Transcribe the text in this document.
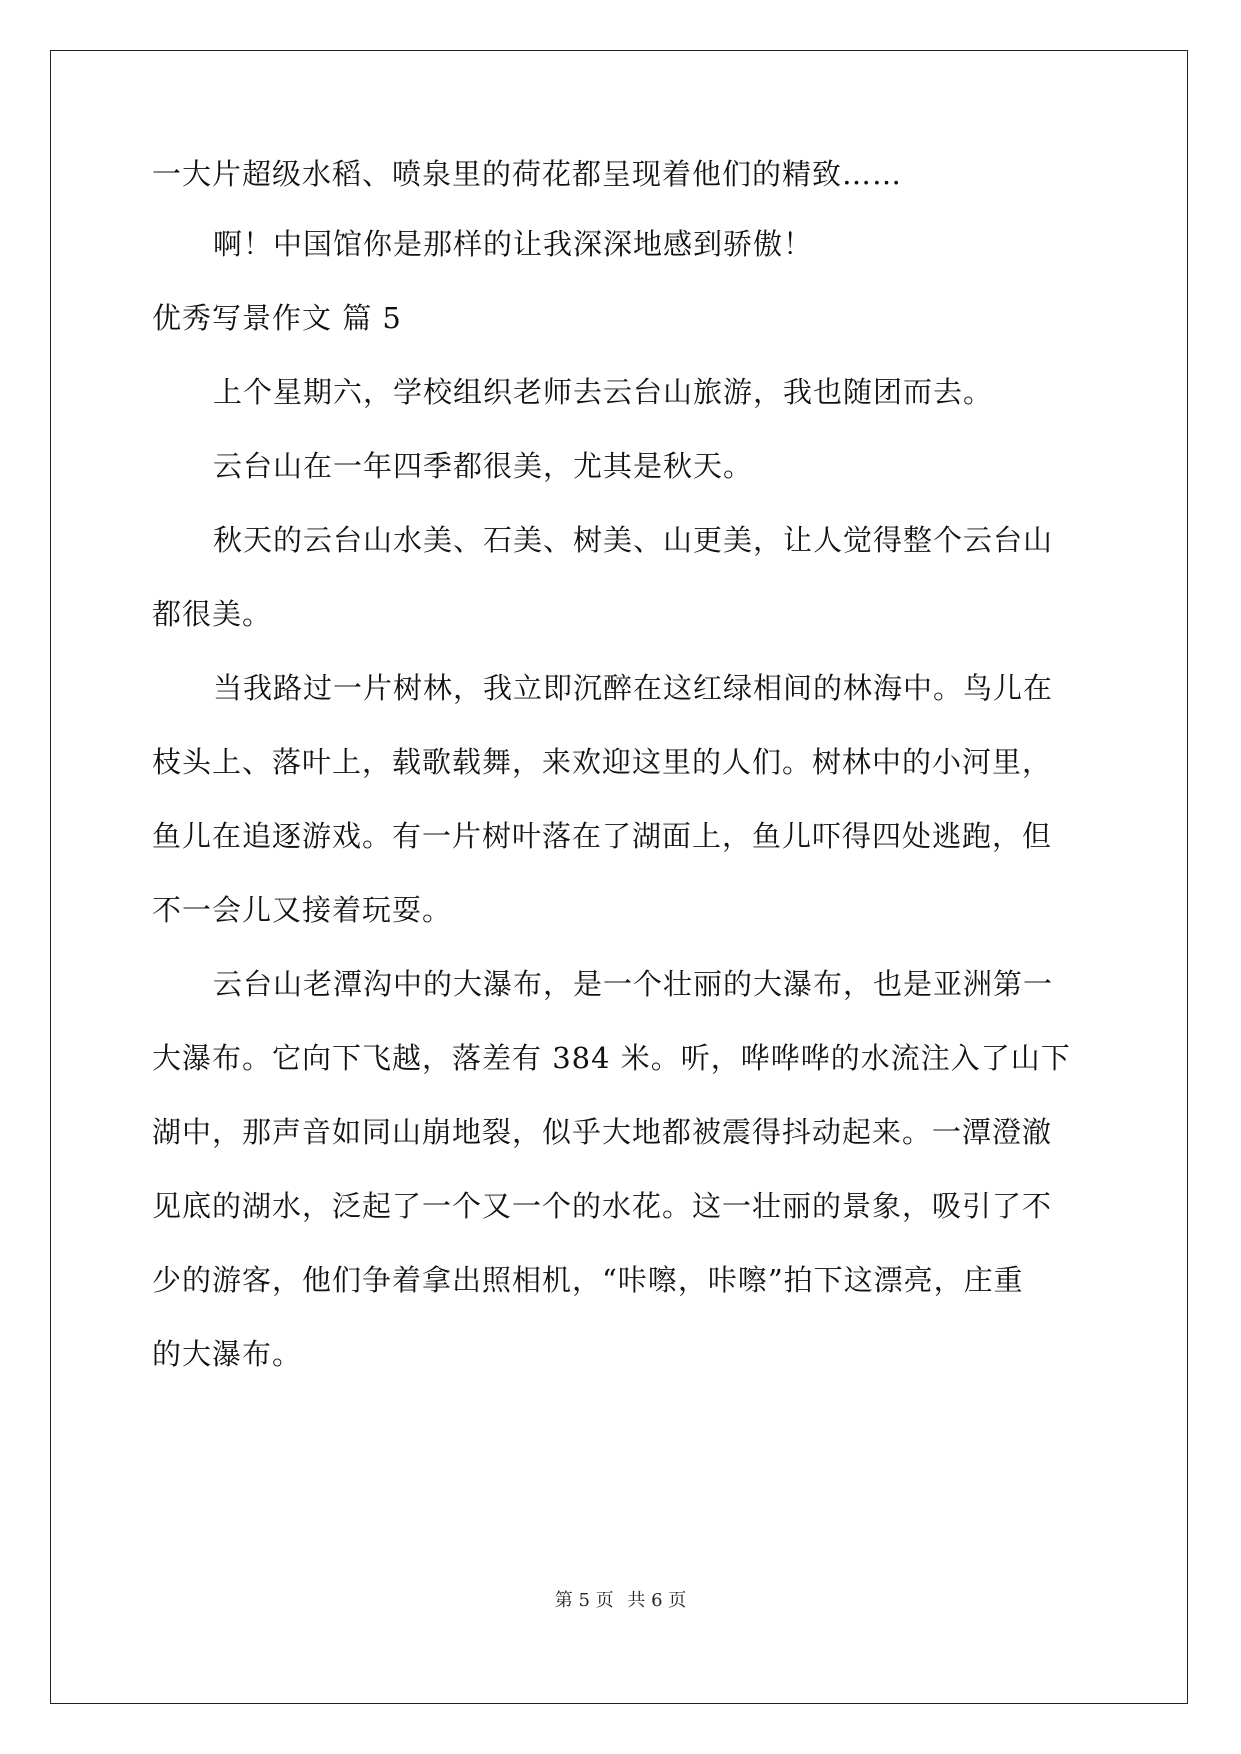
一大片超级水稻、喷泉里的荷花都呈现着他们的精致……
啊！中国馆你是那样的让我深深地感到骄傲！
优秀写景作文 篇 5
上个星期六，学校组织老师去云台山旅游，我也随团而去。
云台山在一年四季都很美，尤其是秋天。
秋天的云台山水美、石美、树美、山更美，让人觉得整个云台山
都很美。
当我路过一片树林，我立即沉醉在这红绿相间的林海中。鸟儿在
枝头上、落叶上，载歌载舞，来欢迎这里的人们。树林中的小河里，
鱼儿在追逐游戏。有一片树叶落在了湖面上，鱼儿吓得四处逃跑，但
不一会儿又接着玩耍。
云台山老潭沟中的大瀑布，是一个壮丽的大瀑布，也是亚洲第一
大瀑布。它向下飞越，落差有 384 米。听，哗哗哗的水流注入了山下
湖中，那声音如同山崩地裂，似乎大地都被震得抖动起来。一潭澄澈
见底的湖水，泛起了一个又一个的水花。这一壮丽的景象，吸引了不
少的游客，他们争着拿出照相机，“咔嚓，咔嚓”拍下这漂亮，庄重
的大瀑布。
第 5 页 共 6 页
